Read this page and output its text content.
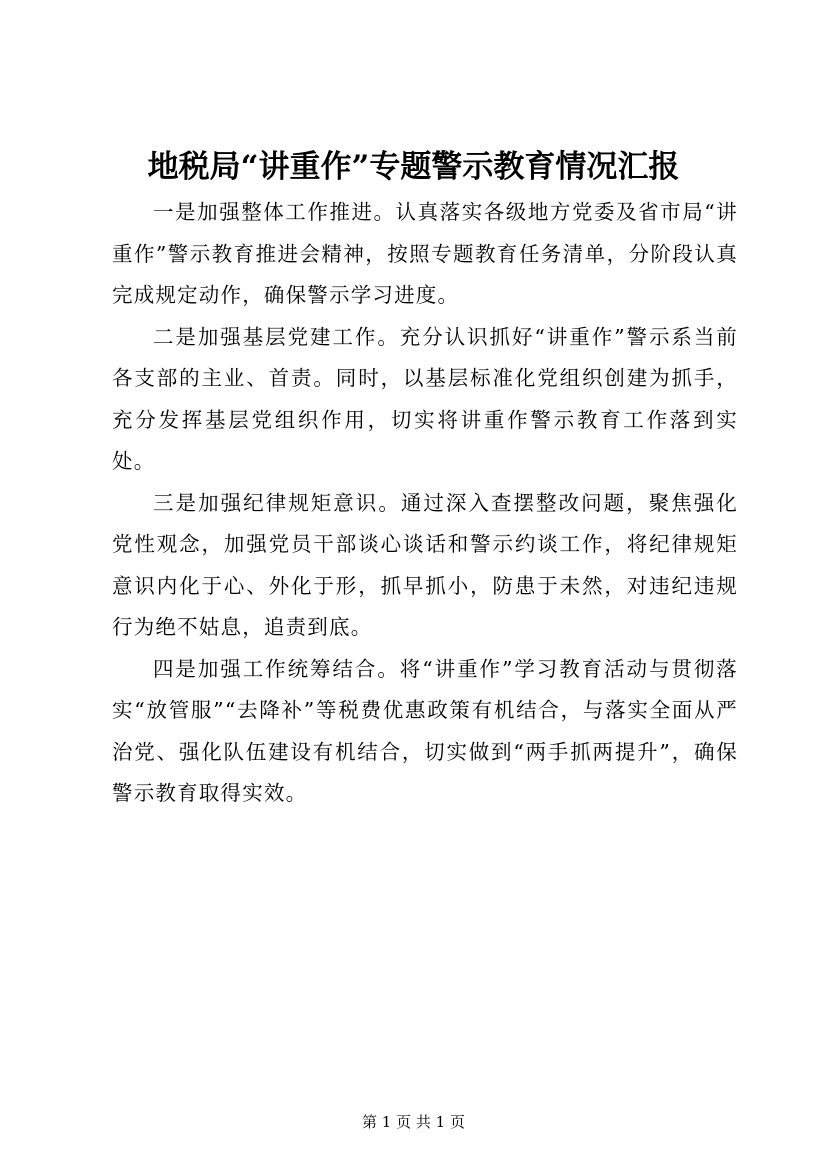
地税局“讲重作”专题警示教育情况汇报

一是加强整体工作推进。认真落实各级地方党委及省市局“讲重作”警示教育推进会精神，按照专题教育任务清单，分阶段认真完成规定动作，确保警示学习进度。

二是加强基层党建工作。充分认识抓好“讲重作”警示系当前各支部的主业、首责。同时，以基层标准化党组织创建为抓手，充分发挥基层党组织作用，切实将讲重作警示教育工作落到实处。

三是加强纪律规矩意识。通过深入查摆整改问题，聚焦强化党性观念，加强党员干部谈心谈话和警示约谈工作，将纪律规矩意识内化于心、外化于形，抓早抓小，防患于未然，对违纪违规行为绝不姑息，追责到底。

四是加强工作统筹结合。将“讲重作”学习教育活动与贯彻落实“放管服”“去降补”等税费优惠政策有机结合，与落实全面从严治党、强化队伍建设有机结合，切实做到“两手抓两提升”，确保警示教育取得实效。

第 1 页 共 1 页
